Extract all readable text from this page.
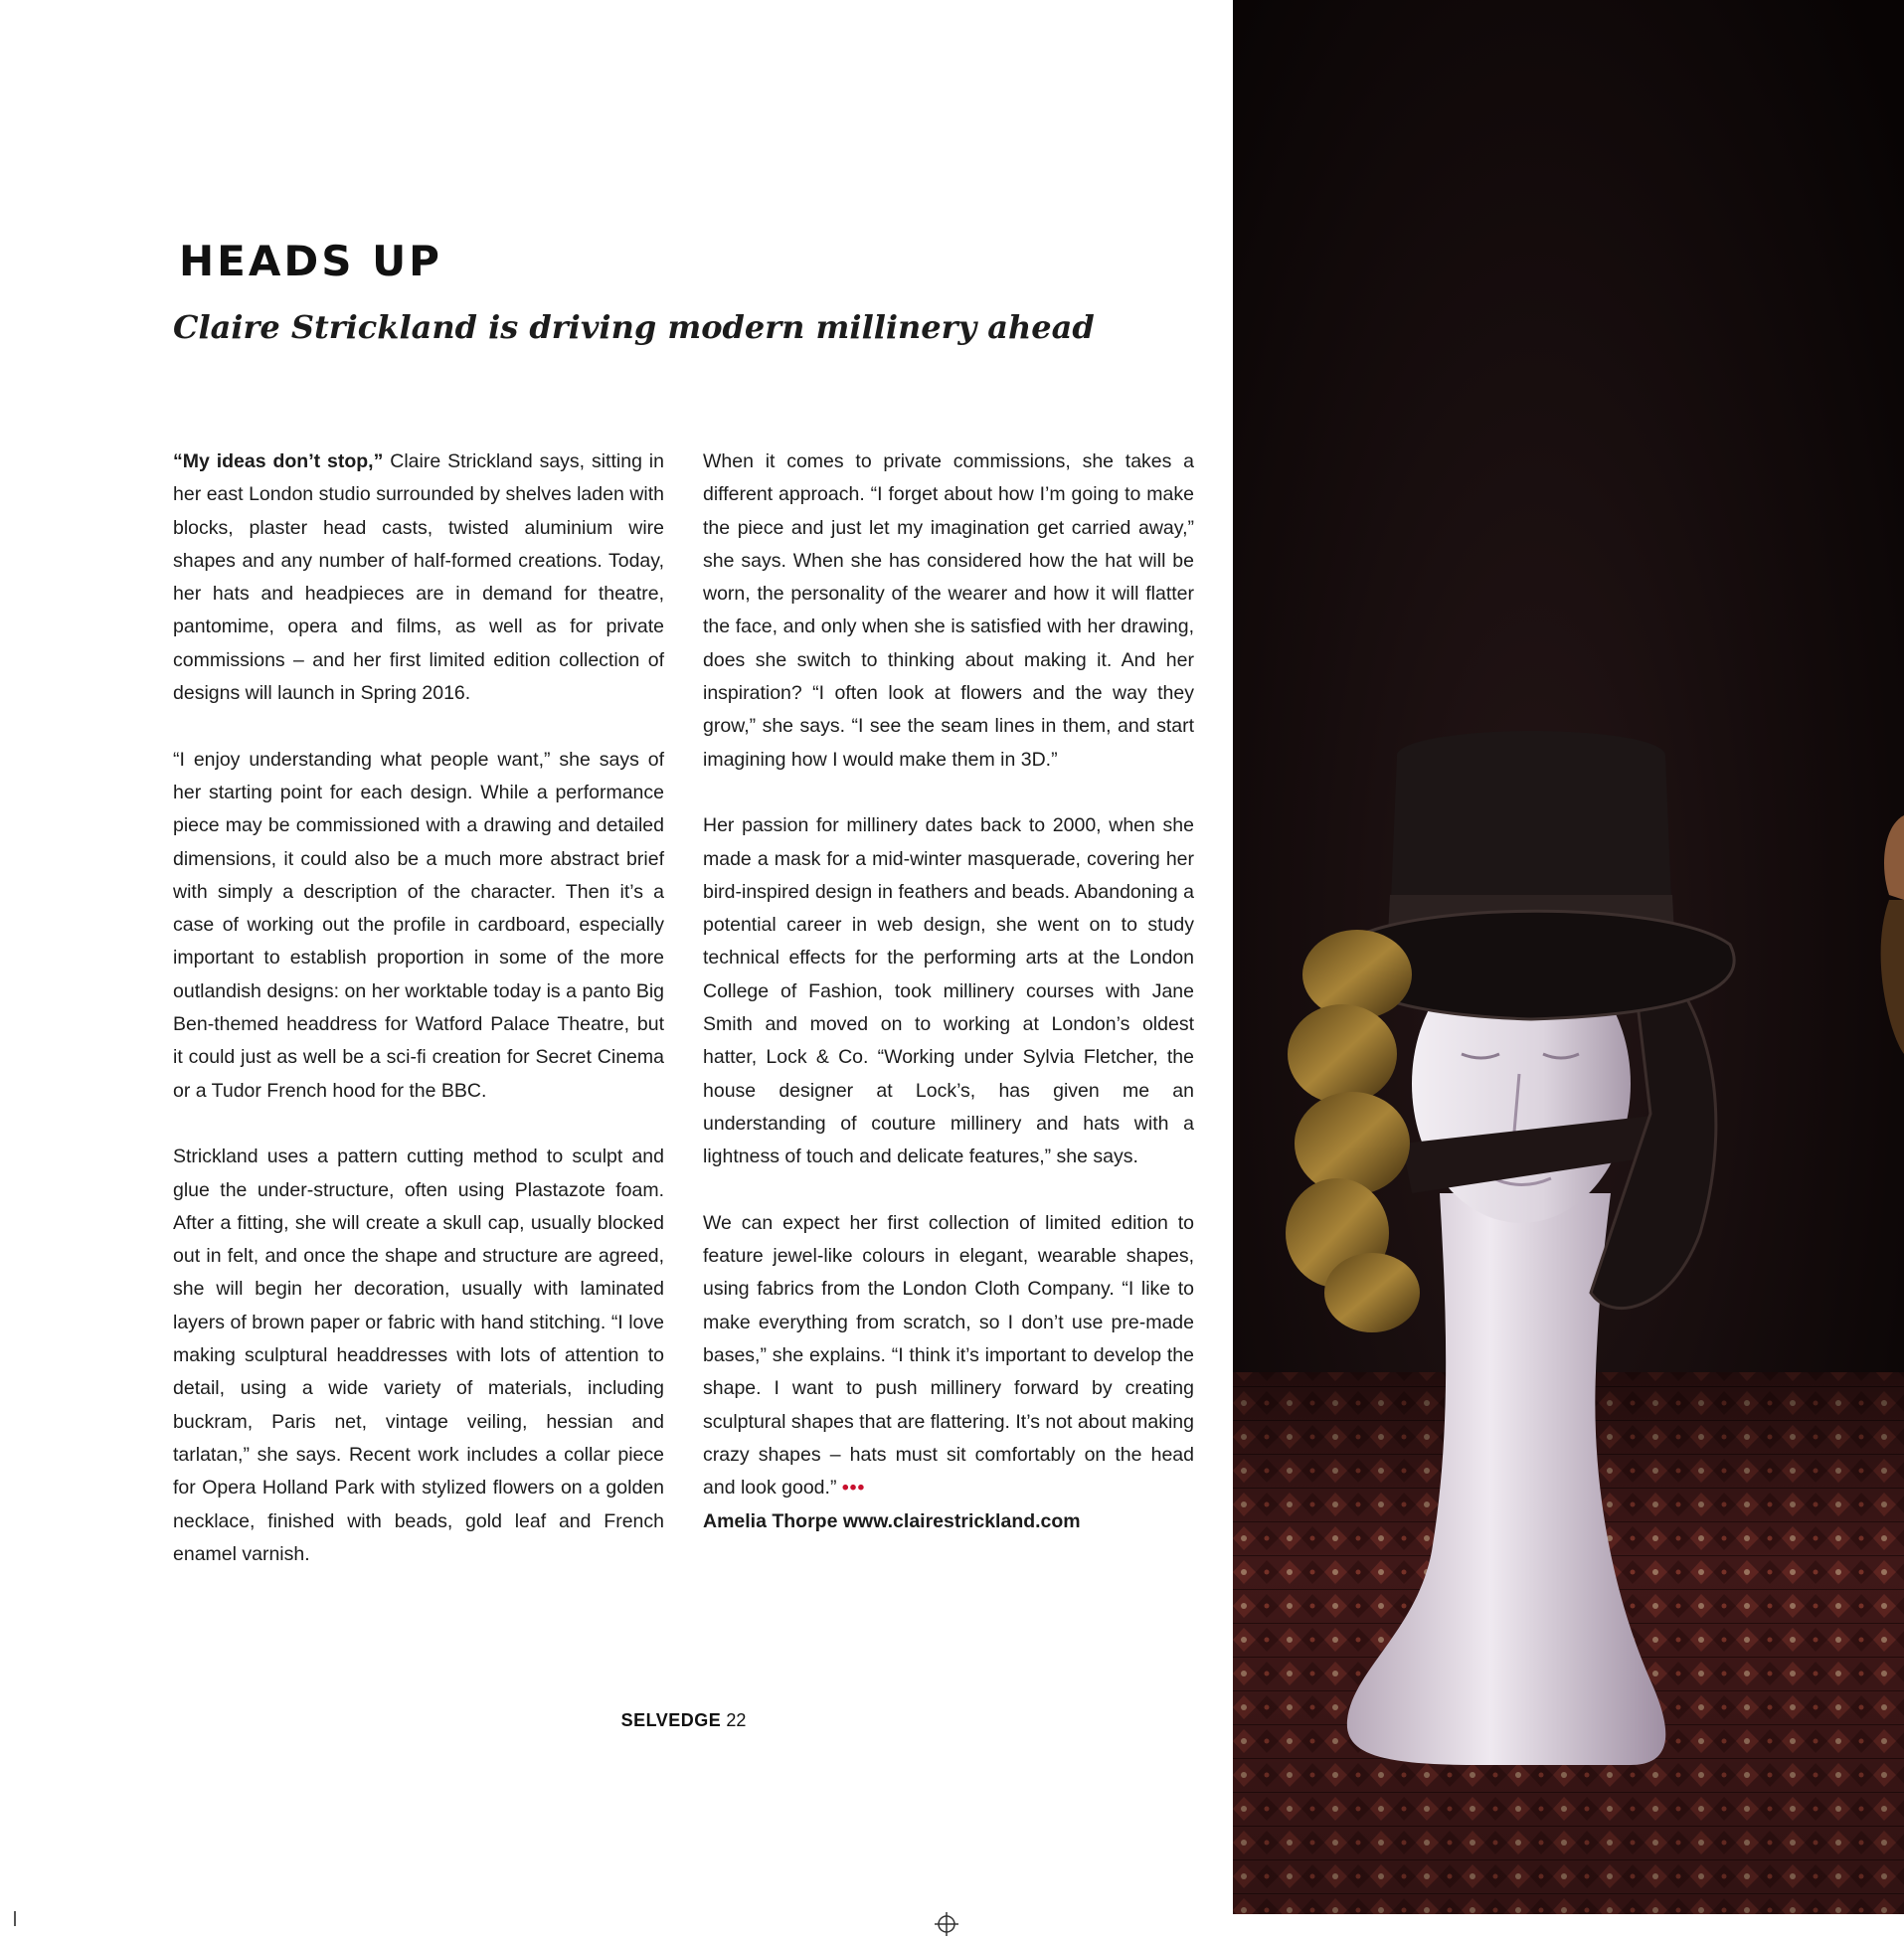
HEADS UP
Claire Strickland is driving modern millinery ahead

“My ideas don’t stop,” Claire Strickland says, sitting in her east London studio surrounded by shelves laden with blocks, plaster head casts, twisted aluminium wire shapes and any number of half-formed creations. Today, her hats and headpieces are in demand for theatre, pantomime, opera and films, as well as for private commissions – and her first limited edition collection of designs will launch in Spring 2016.

“I enjoy understanding what people want,” she says of her starting point for each design. While a performance piece may be commissioned with a drawing and detailed dimensions, it could also be a much more abstract brief with simply a description of the character. Then it’s a case of working out the profile in cardboard, especially important to establish proportion in some of the more outlandish designs: on her worktable today is a panto Big Ben-themed headdress for Watford Palace Theatre, but it could just as well be a sci-fi creation for Secret Cinema or a Tudor French hood for the BBC.

Strickland uses a pattern cutting method to sculpt and glue the under-structure, often using Plastazote foam. After a fitting, she will create a skull cap, usually blocked out in felt, and once the shape and structure are agreed, she will begin her decoration, usually with laminated layers of brown paper or fabric with hand stitching. “I love making sculptural headdresses with lots of attention to detail, using a wide variety of materials, including buckram, Paris net, vintage veiling, hessian and tarlatan,” she says. Recent work includes a collar piece for Opera Holland Park with stylized flowers on a golden necklace, finished with beads, gold leaf and French enamel varnish.

When it comes to private commissions, she takes a different approach. “I forget about how I’m going to make the piece and just let my imagination get carried away,” she says. When she has considered how the hat will be worn, the personality of the wearer and how it will flatter the face, and only when she is satisfied with her drawing, does she switch to thinking about making it. And her inspiration? “I often look at flowers and the way they grow,” she says. “I see the seam lines in them, and start imagining how I would make them in 3D.”

Her passion for millinery dates back to 2000, when she made a mask for a mid-winter masquerade, covering her bird-inspired design in feathers and beads. Abandoning a potential career in web design, she went on to study technical effects for the performing arts at the London College of Fashion, took millinery courses with Jane Smith and moved on to working at London’s oldest hatter, Lock & Co. “Working under Sylvia Fletcher, the house designer at Lock’s, has given me an understanding of couture millinery and hats with a lightness of touch and delicate features,” she says.

We can expect her first collection of limited edition to feature jewel-like colours in elegant, wearable shapes, using fabrics from the London Cloth Company. “I like to make everything from scratch, so I don’t use pre-made bases,” she explains. “I think it’s important to develop the shape. I want to push millinery forward by creating sculptural shapes that are flattering. It’s not about making crazy shapes – hats must sit comfortably on the head and look good.” •••
Amelia Thorpe www.clairestrickland.com

SELVEDGE 22
